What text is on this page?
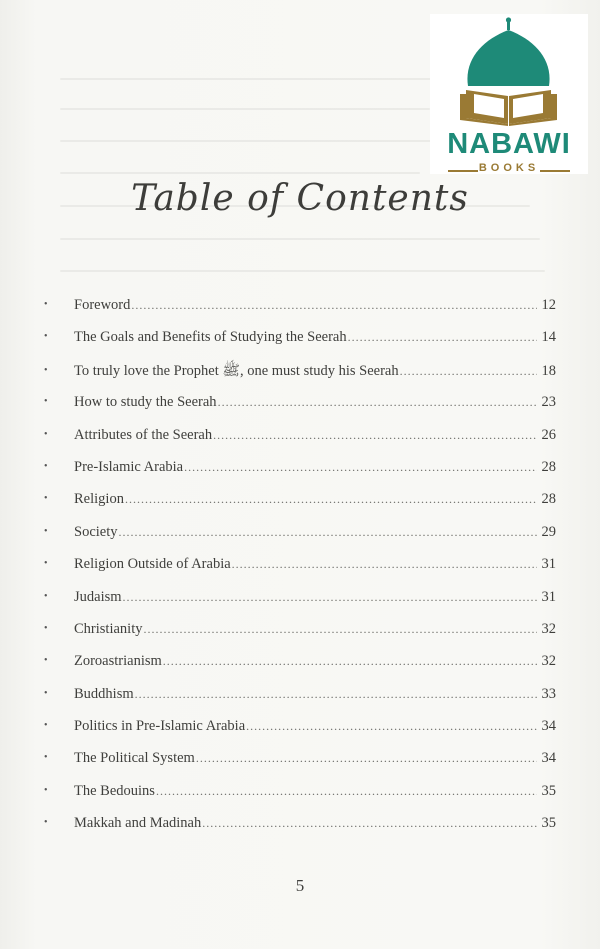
NABAWI
BOOKS
Table of Contents
•	Foreword .....	12
•	The Goals and Benefits of Studying the Seerah .....	14
•	To truly love the Prophet ﷺ, one must study his Seerah .....	18
•	How to study the Seerah .....	23
•	Attributes of the Seerah .....	26
•	Pre-Islamic Arabia .....	28
•	Religion .....	28
•	Society .....	29
•	Religion Outside of Arabia .....	31
•	Judaism .....	31
•	Christianity .....	32
•	Zoroastrianism .....	32
•	Buddhism .....	33
•	Politics in Pre-Islamic Arabia .....	34
•	The Political System .....	34
•	The Bedouins .....	35
•	Makkah and Madinah .....	35
5
